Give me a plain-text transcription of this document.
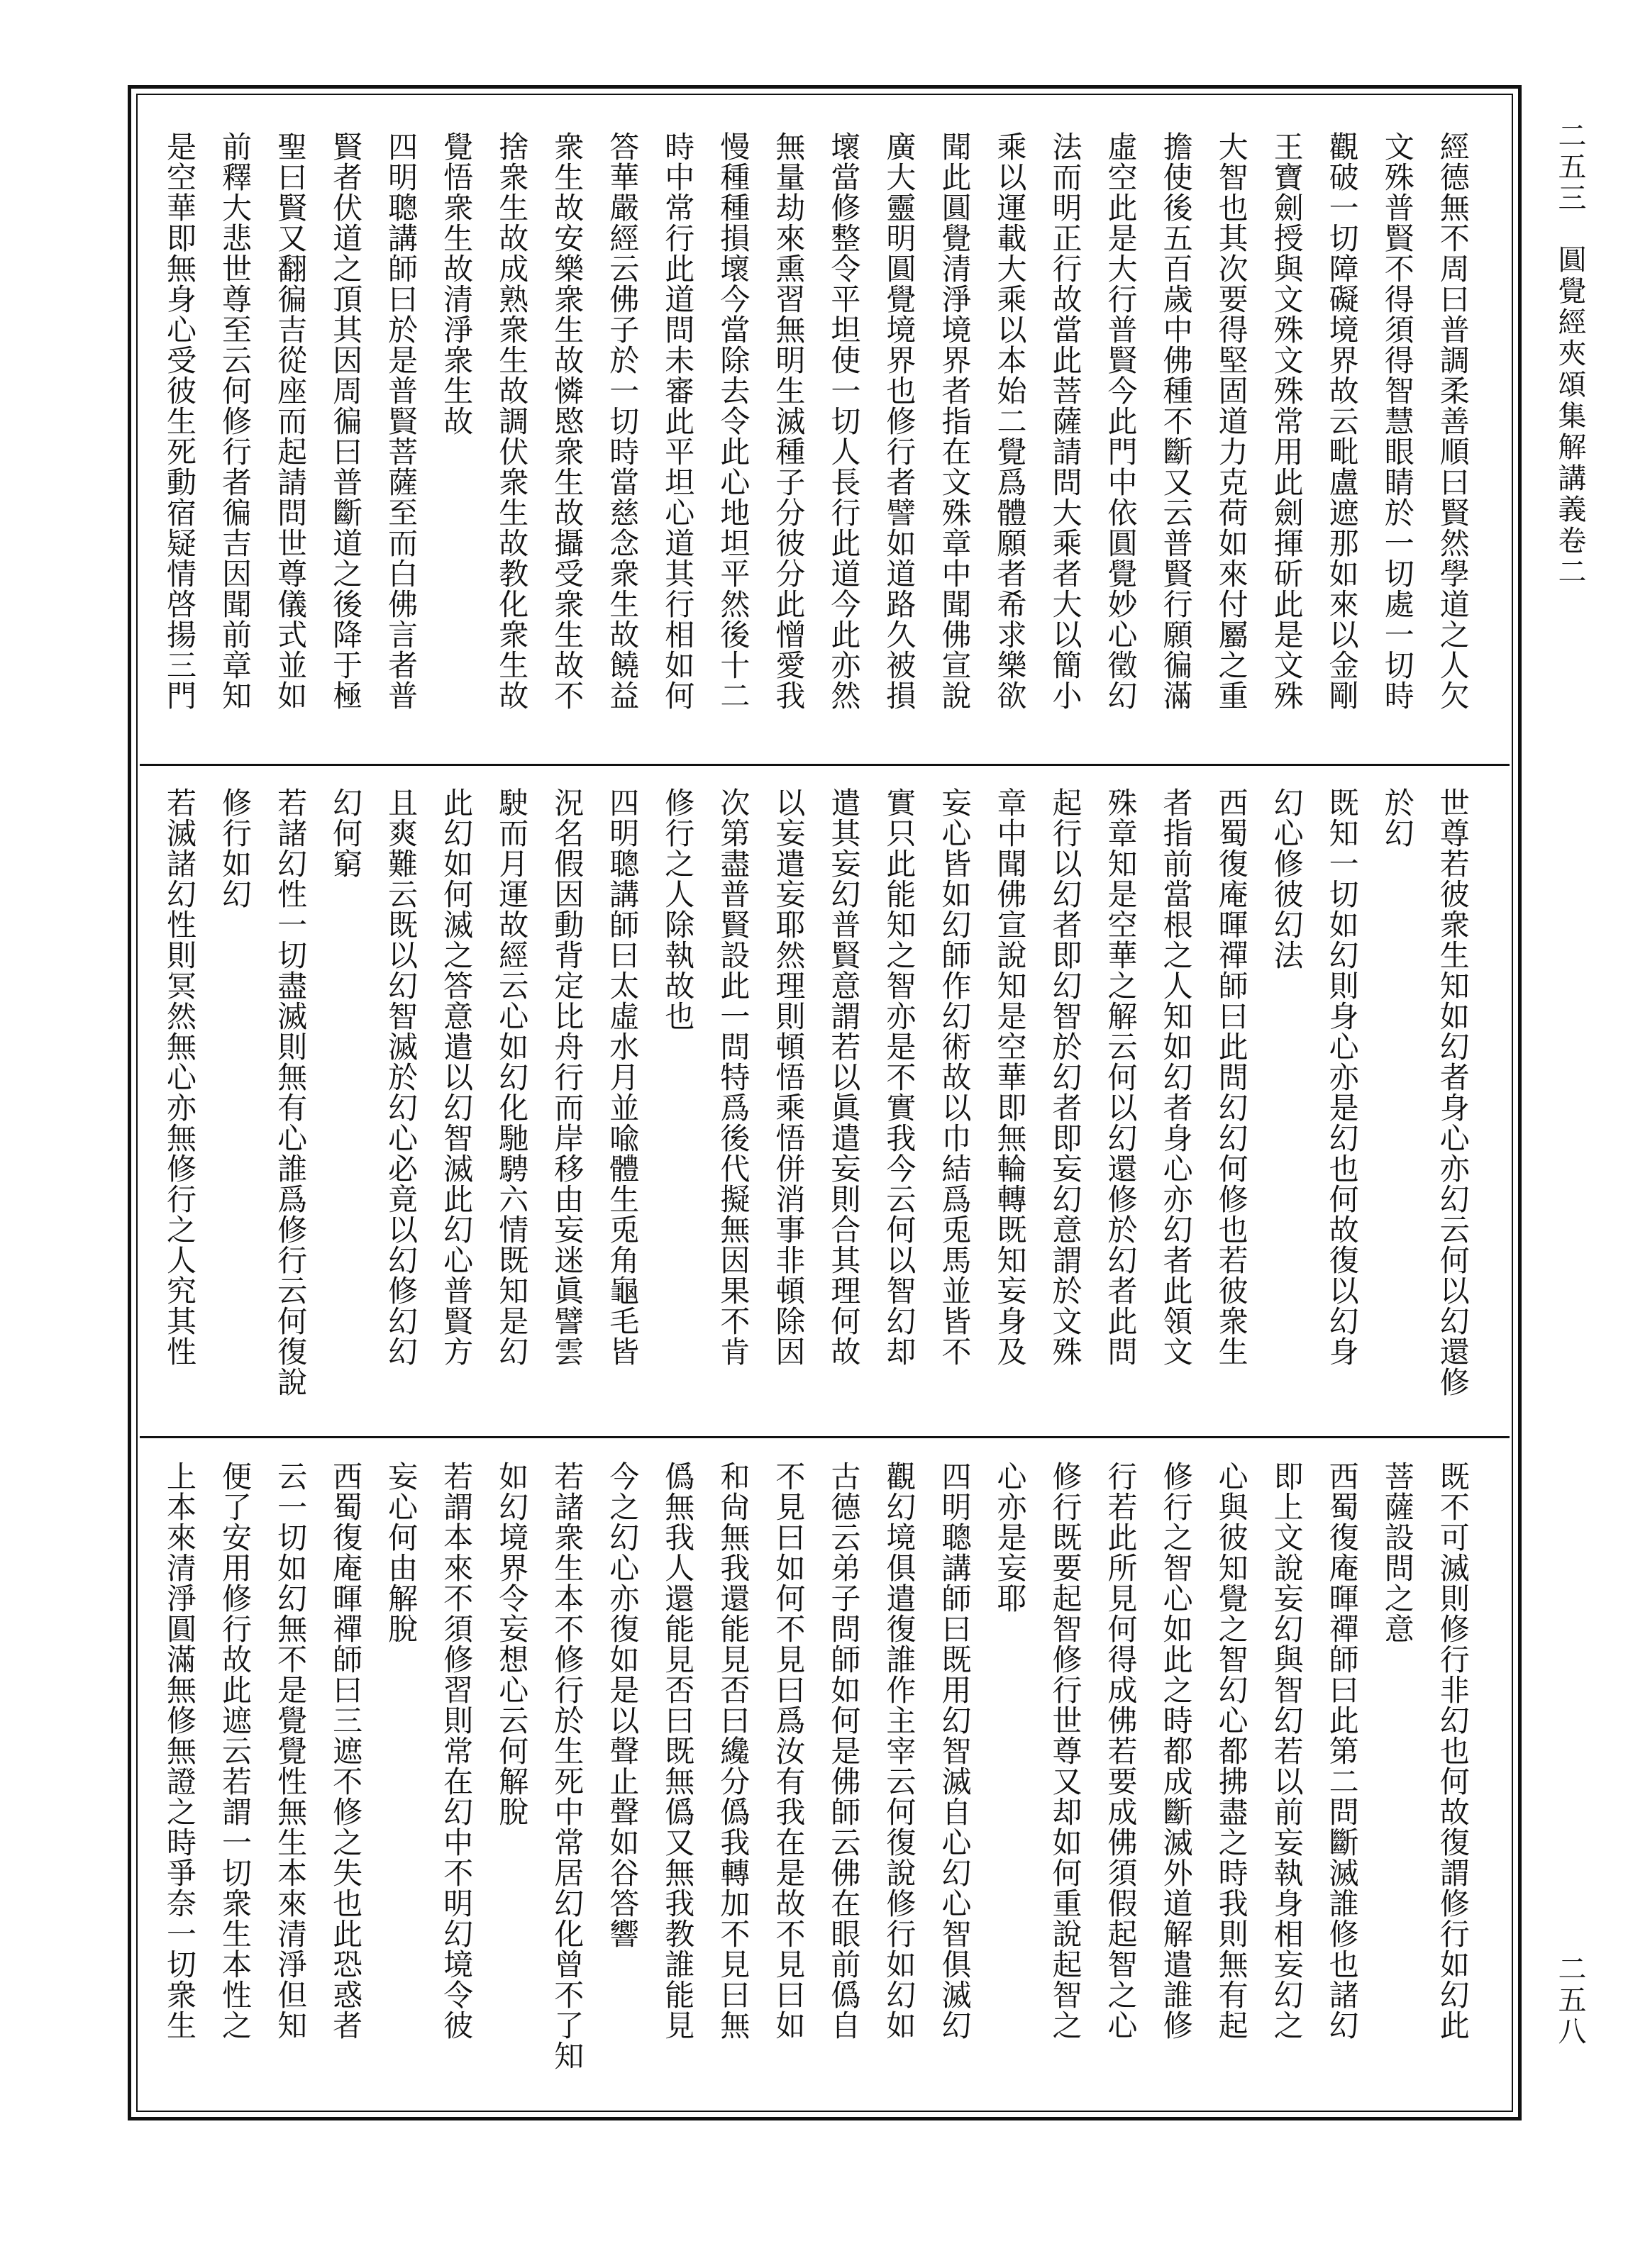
二五三
圓覺經夾頌集解講義卷二
二五八
經德無不周曰普調柔善順曰賢然學道之人欠
文殊普賢不得須得智慧眼睛於一切處一切時
觀破一切障礙境界故云毗盧遮那如來以金剛
王寶劍授與文殊文殊常用此劍揮斫此是文殊
大智也其次要得堅固道力克荷如來付屬之重
擔使後五百歲中佛種不斷又云普賢行願徧滿
虛空此是大行普賢今此門中依圓覺妙心徵幻
法而明正行故當此菩薩請問大乘者大以簡小
乘以運載大乘以本始二覺爲體願者希求樂欲
聞此圓覺清淨境界者指在文殊章中聞佛宣說
廣大靈明圓覺境界也修行者譬如道路久被損
壞當修整令平坦使一切人長行此道今此亦然
無量劫來熏習無明生滅種子分彼分此憎愛我
慢種種損壞今當除去令此心地坦平然後十二
時中常行此道問未審此平坦心道其行相如何
答華嚴經云佛子於一切時當慈念衆生故饒益
衆生故安樂衆生故憐愍衆生故攝受衆生故不
捨衆生故成熟衆生故調伏衆生故教化衆生故
覺悟衆生故清淨衆生故
四明聰講師曰於是普賢菩薩至而白佛言者普
賢者伏道之頂其因周徧曰普斷道之後降于極
聖曰賢又翻徧吉從座而起請問世尊儀式並如
前釋大悲世尊至云何修行者徧吉因聞前章知
是空華即無身心受彼生死動宿疑情啓揚三門
世尊若彼衆生知如幻者身心亦幻云何以幻還修
於幻
既知一切如幻則身心亦是幻也何故復以幻身
幻心修彼幻法
西蜀復庵暉禪師曰此問幻幻何修也若彼衆生
者指前當根之人知如幻者身心亦幻者此領文
殊章知是空華之解云何以幻還修於幻者此問
起行以幻者即幻智於幻者即妄幻意謂於文殊
章中聞佛宣說知是空華即無輪轉既知妄身及
妄心皆如幻師作幻術故以巾結爲兎馬並皆不
實只此能知之智亦是不實我今云何以智幻却
遣其妄幻普賢意謂若以眞遣妄則合其理何故
以妄遣妄耶然理則頓悟乘悟併消事非頓除因
次第盡普賢設此一問特爲後代擬無因果不肯
修行之人除執故也
四明聰講師曰太虛水月並喩體生兎角龜毛皆
況名假因動背定比舟行而岸移由妄迷眞譬雲
駛而月運故經云心如幻化馳騁六情既知是幻
此幻如何滅之答意遣以幻智滅此幻心普賢方
且爽難云既以幻智滅於幻心必竟以幻修幻幻
幻何窮
若諸幻性一切盡滅則無有心誰爲修行云何復說
修行如幻
若滅諸幻性則冥然無心亦無修行之人究其性
既不可滅則修行非幻也何故復謂修行如幻此
菩薩設問之意
西蜀復庵暉禪師曰此第二問斷滅誰修也諸幻
即上文說妄幻與智幻若以前妄執身相妄幻之
心與彼知覺之智幻心都拂盡之時我則無有起
修行之智心如此之時都成斷滅外道解遣誰修
行若此所見何得成佛若要成佛須假起智之心
修行既要起智修行世尊又却如何重說起智之
心亦是妄耶
四明聰講師曰既用幻智滅自心幻心智俱滅幻
觀幻境俱遣復誰作主宰云何復說修行如幻如
古德云弟子問師如何是佛師云佛在眼前僞自
不見曰如何不見曰爲汝有我在是故不見曰如
和尙無我還能見否曰纔分僞我轉加不見曰無
僞無我人還能見否曰既無僞又無我教誰能見
今之幻心亦復如是以聲止聲如谷答響
若諸衆生本不修行於生死中常居幻化曾不了知
如幻境界令妄想心云何解脫
若謂本來不須修習則常在幻中不明幻境令彼
妄心何由解脫
西蜀復庵暉禪師曰三遮不修之失也此恐惑者
云一切如幻無不是覺覺性無生本來清淨但知
便了安用修行故此遮云若謂一切衆生本性之
上本來清淨圓滿無修無證之時爭奈一切衆生
